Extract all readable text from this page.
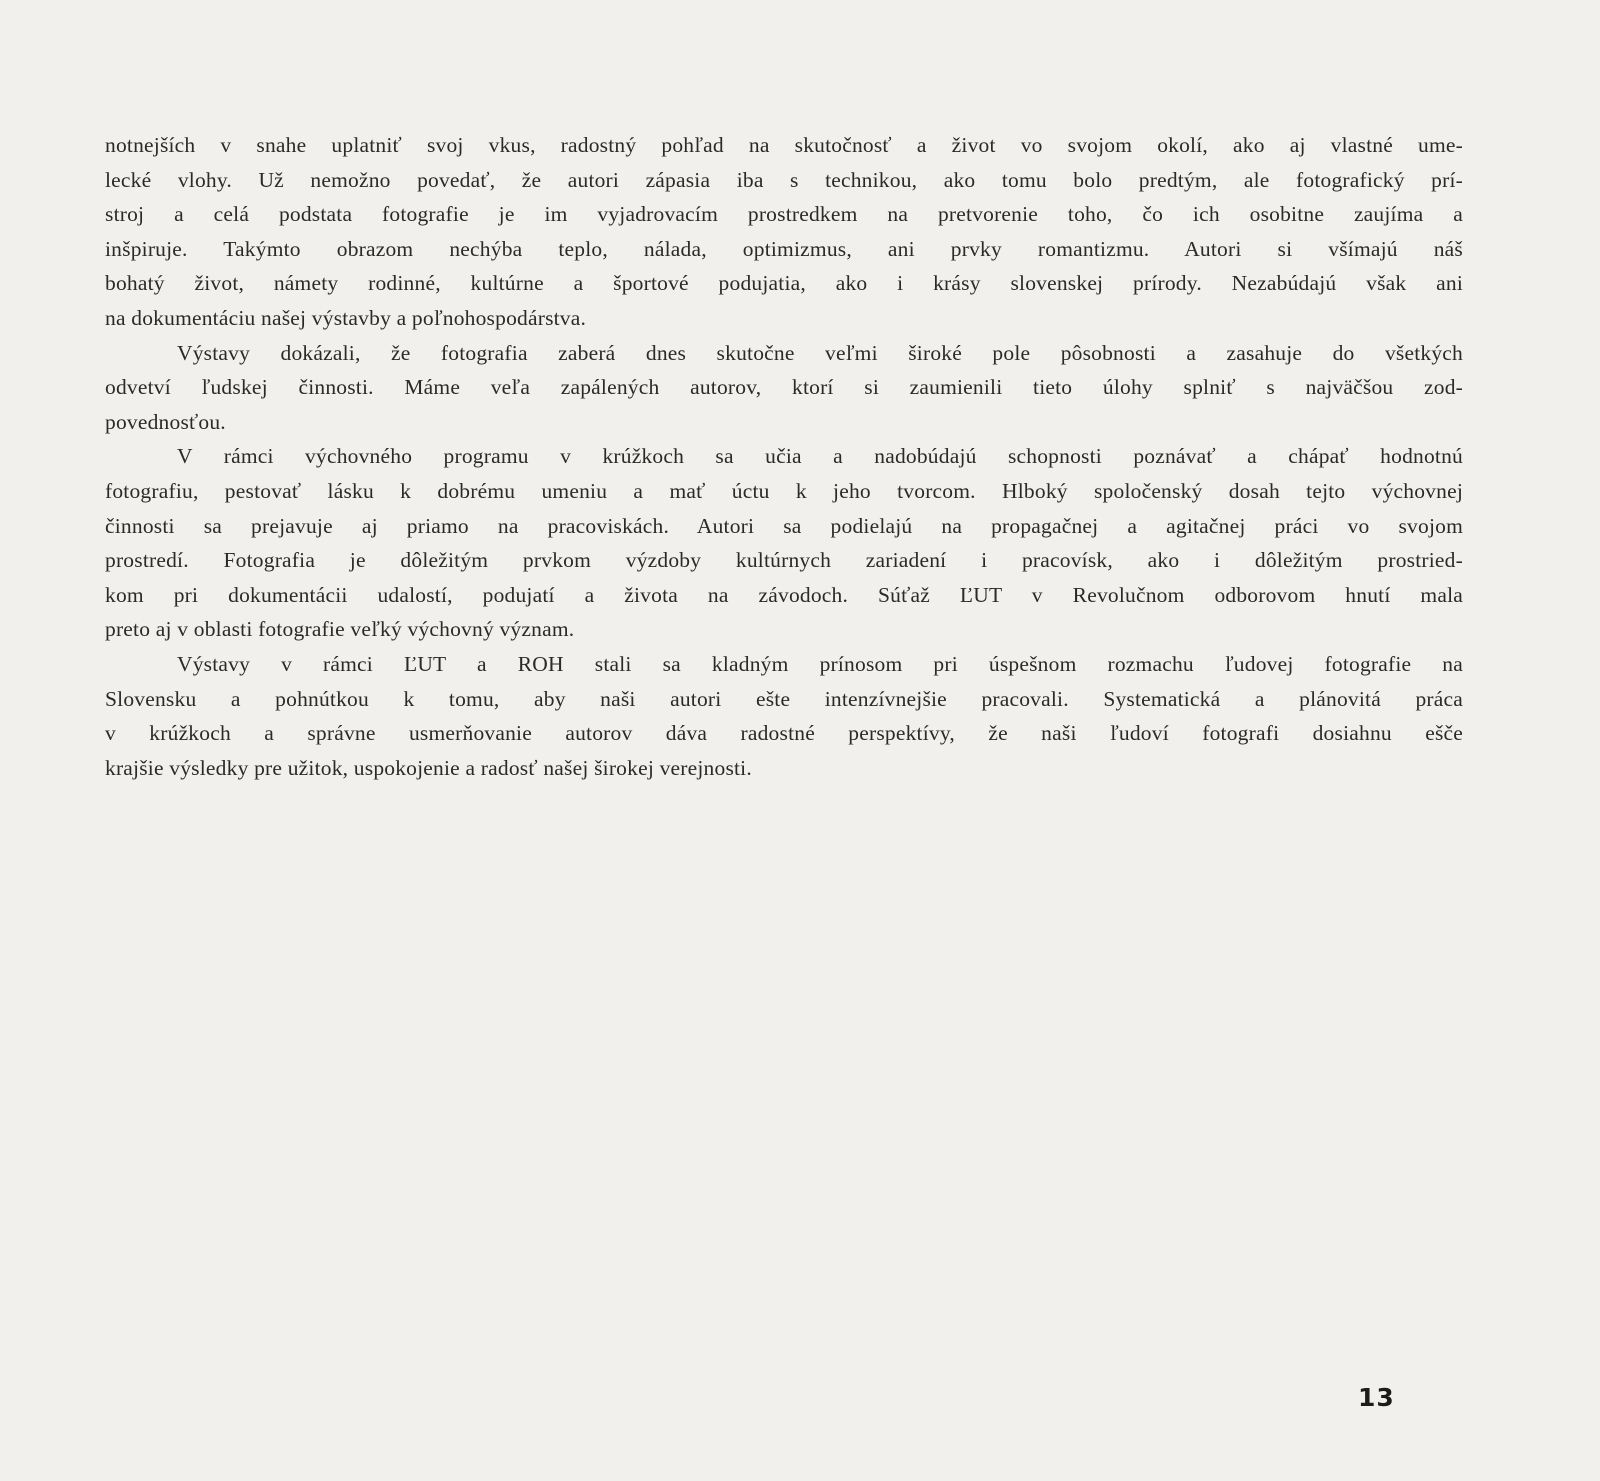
notnejších v snahe uplatniť svoj vkus, radostný pohľad na skutočnosť a život vo svojom okolí, ako aj vlastné ume-
lecké vlohy. Už nemožno povedať, že autori zápasia iba s technikou, ako tomu bolo predtým, ale fotografický prí-
stroj a celá podstata fotografie je im vyjadrovacím prostredkem na pretvorenie toho, čo ich osobitne zaujíma a
inšpiruje. Takýmto obrazom nechýba teplo, nálada, optimizmus, ani prvky romantizmu. Autori si všímajú náš
bohatý život, námety rodinné, kultúrne a športové podujatia, ako i krásy slovenskej prírody. Nezabúdajú však ani
na dokumentáciu našej výstavby a poľnohospodárstva.
Výstavy dokázali, že fotografia zaberá dnes skutočne veľmi široké pole pôsobnosti a zasahuje do všetkých
odvetví ľudskej činnosti. Máme veľa zapálených autorov, ktorí si zaumienili tieto úlohy splniť s najväčšou zod-
povednosťou.
V rámci výchovného programu v krúžkoch sa učia a nadobúdajú schopnosti poznávať a chápať hodnotnú
fotografiu, pestovať lásku k dobrému umeniu a mať úctu k jeho tvorcom. Hlboký spoločenský dosah tejto výchovnej
činnosti sa prejavuje aj priamo na pracoviskách. Autori sa podielajú na propagačnej a agitačnej práci vo svojom
prostredí. Fotografia je dôležitým prvkom výzdoby kultúrnych zariadení i pracovísk, ako i dôležitým prostried-
kom pri dokumentácii udalostí, podujatí a života na závodoch. Súťaž ĽUT v Revolučnom odborovom hnutí mala
preto aj v oblasti fotografie veľký výchovný význam.
Výstavy v rámci ĽUT a ROH stali sa kladným prínosom pri úspešnom rozmachu ľudovej fotografie na
Slovensku a pohnútkou k tomu, aby naši autori ešte intenzívnejšie pracovali. Systematická a plánovitá práca
v krúžkoch a správne usmerňovanie autorov dáva radostné perspektívy, že naši ľudoví fotografi dosiahnu ešče
krajšie výsledky pre užitok, uspokojenie a radosť našej širokej verejnosti.
13
